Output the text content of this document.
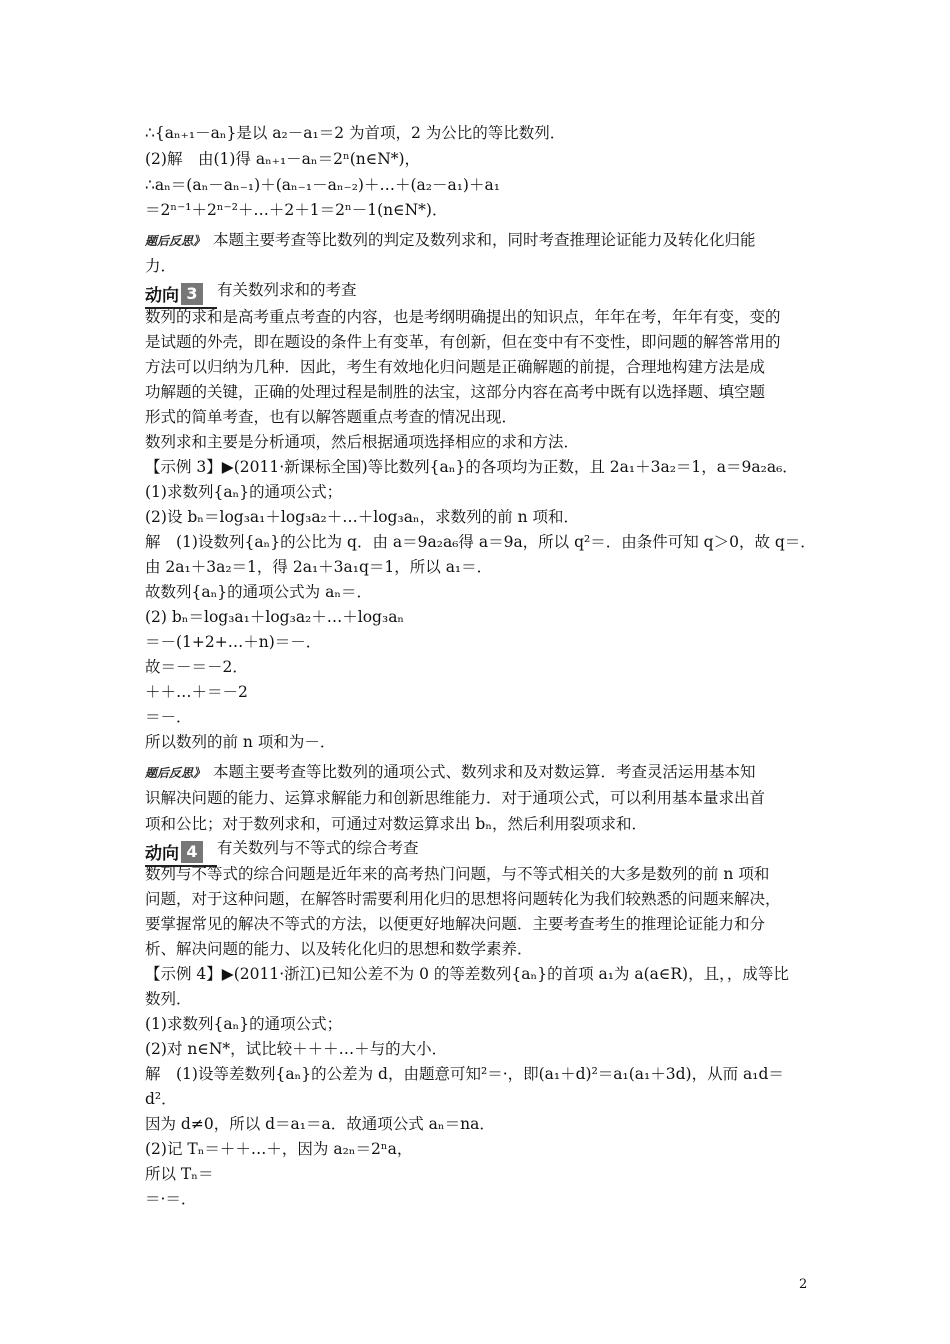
∴{aₙ₊₁－aₙ}是以 a₂－a₁＝2 为首项，2 为公比的等比数列．
(2)解　由(1)得 aₙ₊₁－aₙ＝2ⁿ(n∈N*)，
∴aₙ＝(aₙ－aₙ₋₁)＋(aₙ₋₁－aₙ₋₂)＋…＋(a₂－a₁)＋a₁
＝2ⁿ⁻¹＋2ⁿ⁻²＋…＋2＋1＝2ⁿ－1(n∈N*)．
题后反思》 本题主要考查等比数列的判定及数列求和，同时考查推理论证能力及转化化归能
力．
动向 3 有关数列求和的考查
数列的求和是高考重点考查的内容，也是考纲明确提出的知识点，年年在考，年年有变，变的
是试题的外壳，即在题设的条件上有变革，有创新，但在变中有不变性，即问题的解答常用的
方法可以归纳为几种．因此，考生有效地化归问题是正确解题的前提，合理地构建方法是成
功解题的关键，正确的处理过程是制胜的法宝，这部分内容在高考中既有以选择题、填空题
形式的简单考查，也有以解答题重点考查的情况出现．
数列求和主要是分析通项，然后根据通项选择相应的求和方法．
【示例 3】▶(2011·新课标全国)等比数列{aₙ}的各项均为正数，且 2a₁＋3a₂＝1，a＝9a₂a₆．
(1)求数列{aₙ}的通项公式；
(2)设 bₙ＝log₃a₁＋log₃a₂＋…＋log₃aₙ，求数列的前 n 项和．
解　(1)设数列{aₙ}的公比为 q．由 a＝9a₂a₆得 a＝9a，所以 q²＝．由条件可知 q＞0，故 q＝．
由 2a₁＋3a₂＝1，得 2a₁＋3a₁q＝1，所以 a₁＝．
故数列{aₙ}的通项公式为 aₙ＝．
(2) bₙ＝log₃a₁＋log₃a₂＋…＋log₃aₙ
＝－(1+2+…＋n)＝－．
故＝－＝－2．
＋＋…＋＝－2
＝－．
所以数列的前 n 项和为－．
题后反思》 本题主要考查等比数列的通项公式、数列求和及对数运算．考查灵活运用基本知
识解决问题的能力、运算求解能力和创新思维能力．对于通项公式，可以利用基本量求出首
项和公比；对于数列求和，可通过对数运算求出 bₙ，然后利用裂项求和．
动向 4 有关数列与不等式的综合考查
数列与不等式的综合问题是近年来的高考热门问题，与不等式相关的大多是数列的前 n 项和
问题，对于这种问题，在解答时需要利用化归的思想将问题转化为我们较熟悉的问题来解决，
要掌握常见的解决不等式的方法，以便更好地解决问题．主要考查考生的推理论证能力和分
析、解决问题的能力、以及转化化归的思想和数学素养．
【示例 4】▶(2011·浙江)已知公差不为 0 的等差数列{aₙ}的首项 a₁为 a(a∈R)，且，，成等比
数列．
(1)求数列{aₙ}的通项公式；
(2)对 n∈N*，试比较＋＋＋…＋与的大小．
解　(1)设等差数列{aₙ}的公差为 d，由题意可知²＝·，即(a₁＋d)²＝a₁(a₁＋3d)，从而 a₁d＝
d²．
因为 d≠0，所以 d＝a₁＝a．故通项公式 aₙ＝na．
(2)记 Tₙ＝＋＋…＋，因为 a₂ₙ＝2ⁿa，
所以 Tₙ＝
＝·＝．
2
